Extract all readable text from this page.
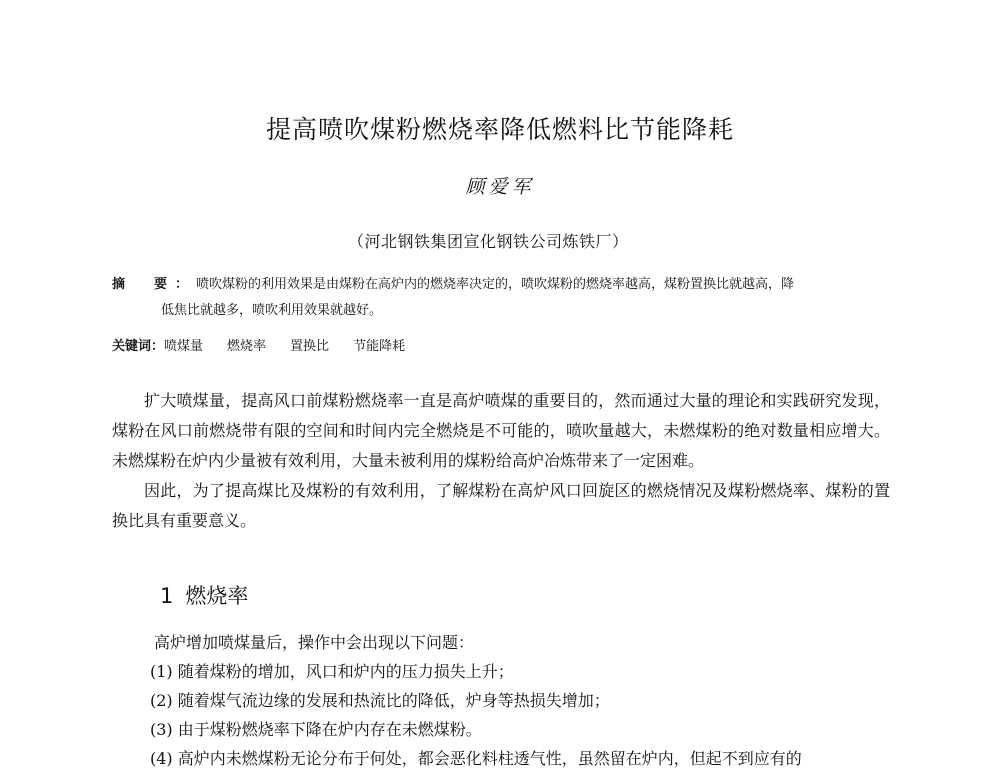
提高喷吹煤粉燃烧率降低燃料比节能降耗
顾爱军
（河北钢铁集团宣化钢铁公司炼铁厂）
摘　要：喷吹煤粉的利用效果是由煤粉在高炉内的燃烧率决定的，喷吹煤粉的燃烧率越高，煤粉置换比就越高，降
低焦比就越多，喷吹利用效果就越好。
关键词：喷煤量 燃烧率 置换比 节能降耗

扩大喷煤量，提高风口前煤粉燃烧率一直是高炉喷煤的重要目的，然而通过大量的理论和实践研究发现，煤粉在风口前燃烧带有限的空间和时间内完全燃烧是不可能的，喷吹量越大，未燃煤粉的绝对数量相应增大。未燃煤粉在炉内少量被有效利用，大量未被利用的煤粉给高炉冶炼带来了一定困难。

因此，为了提高煤比及煤粉的有效利用，了解煤粉在高炉风口回旋区的燃烧情况及煤粉燃烧率、煤粉的置换比具有重要意义。

1 燃烧率
高炉增加喷煤量后，操作中会出现以下问题：
(1) 随着煤粉的增加，风口和炉内的压力损失上升；
(2) 随着煤气流边缘的发展和热流比的降低，炉身等热损失增加；
(3) 由于煤粉燃烧率下降在炉内存在未燃煤粉。
(4) 高炉内未燃煤粉无论分布于何处，都会恶化料柱透气性，虽然留在炉内，但起不到应有的
